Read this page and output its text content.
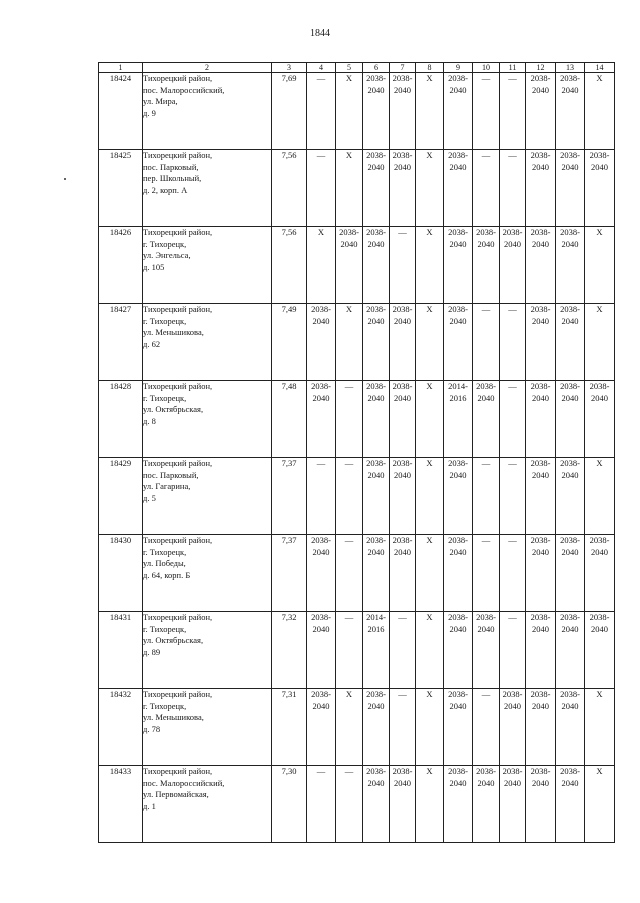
1844
1	2	3	4	5	6	7	8	9	10	11	12	13	14
18424	Тихорецкий район,
пос. Малороссийский,
ул. Мира,
д. 9	7,69	—	X	2038-
2040	2038-
2040	X	2038-
2040	—	—	2038-
2040	2038-
2040	X
18425	Тихорецкий район,
пос. Парковый,
пер. Школьный,
д. 2, корп. А	7,56	—	X	2038-
2040	2038-
2040	X	2038-
2040	—	—	2038-
2040	2038-
2040	2038-
2040
18426	Тихорецкий район,
г. Тихорецк,
ул. Энгельса,
д. 105	7,56	X	2038-
2040	2038-
2040	—	X	2038-
2040	2038-
2040	2038-
2040	2038-
2040	2038-
2040	X
18427	Тихорецкий район,
г. Тихорецк,
ул. Меньшикова,
д. 62	7,49	2038-
2040	X	2038-
2040	2038-
2040	X	2038-
2040	—	—	2038-
2040	2038-
2040	X
18428	Тихорецкий район,
г. Тихорецк,
ул. Октябрьская,
д. 8	7,48	2038-
2040	—	2038-
2040	2038-
2040	X	2014-
2016	2038-
2040	—	2038-
2040	2038-
2040	2038-
2040
18429	Тихорецкий район,
пос. Парковый,
ул. Гагарина,
д. 5	7,37	—	—	2038-
2040	2038-
2040	X	2038-
2040	—	—	2038-
2040	2038-
2040	X
18430	Тихорецкий район,
г. Тихорецк,
ул. Победы,
д. 64, корп. Б	7,37	2038-
2040	—	2038-
2040	2038-
2040	X	2038-
2040	—	—	2038-
2040	2038-
2040	2038-
2040
18431	Тихорецкий район,
г. Тихорецк,
ул. Октябрьская,
д. 89	7,32	2038-
2040	—	2014-
2016	—	X	2038-
2040	2038-
2040	—	2038-
2040	2038-
2040	2038-
2040
18432	Тихорецкий район,
г. Тихорецк,
ул. Меньшикова,
д. 78	7,31	2038-
2040	X	2038-
2040	—	X	2038-
2040	—	2038-
2040	2038-
2040	2038-
2040	X
18433	Тихорецкий район,
пос. Малороссийский,
ул. Первомайская,
д. 1	7,30	—	—	2038-
2040	2038-
2040	X	2038-
2040	2038-
2040	2038-
2040	2038-
2040	2038-
2040	X
